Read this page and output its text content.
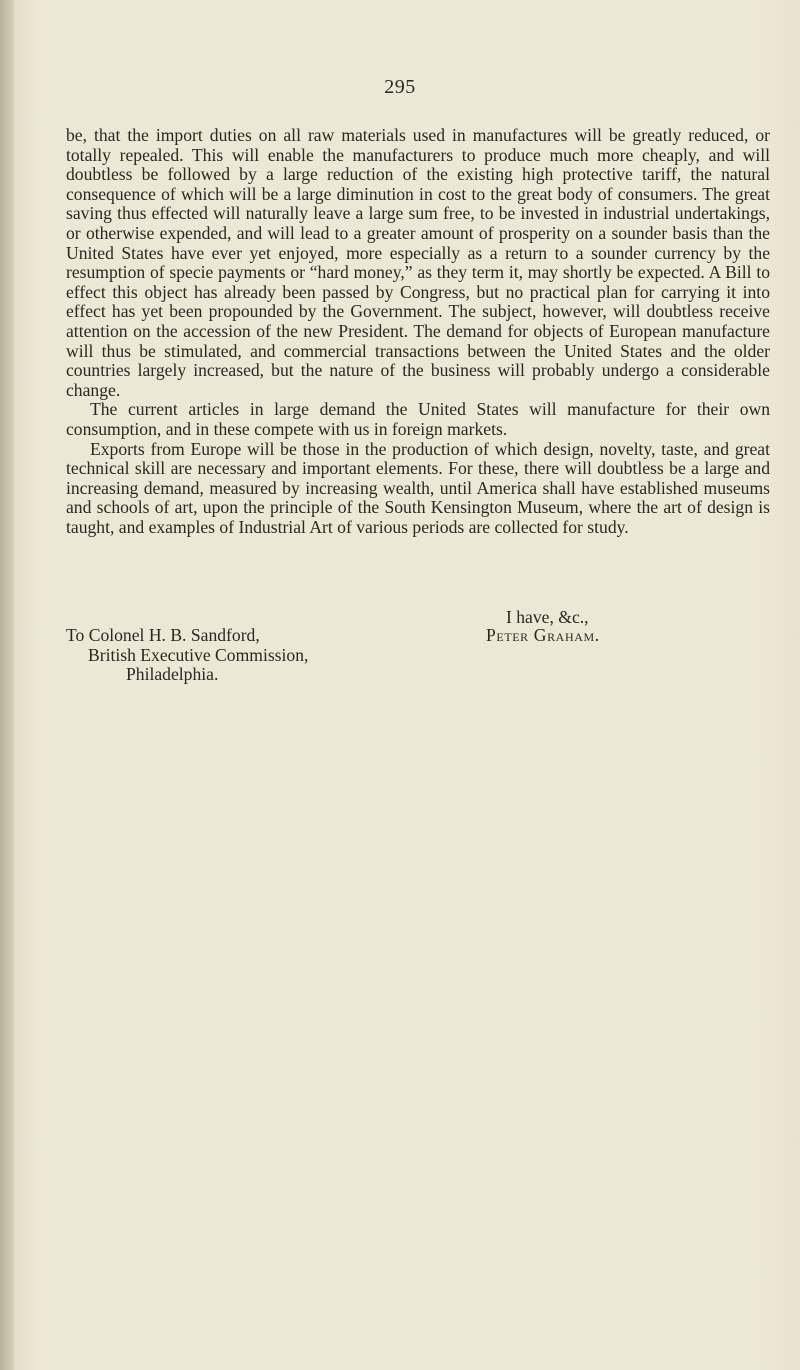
295

be, that the import duties on all raw materials used in manufactures will be greatly reduced, or totally repealed. This will enable the manufacturers to produce much more cheaply, and will doubtless be followed by a large reduction of the existing high protective tariff, the natural consequence of which will be a large diminution in cost to the great body of consumers. The great saving thus effected will naturally leave a large sum free, to be invested in industrial undertakings, or otherwise expended, and will lead to a greater amount of prosperity on a sounder basis than the United States have ever yet enjoyed, more especially as a return to a sounder currency by the resumption of specie payments or “hard money,” as they term it, may shortly be expected. A Bill to effect this object has already been passed by Congress, but no practical plan for carrying it into effect has yet been propounded by the Government. The subject, however, will doubtless receive attention on the accession of the new President. The demand for objects of European manufacture will thus be stimulated, and commercial transactions between the United States and the older countries largely increased, but the nature of the business will probably undergo a considerable change.

The current articles in large demand the United States will manufacture for their own consumption, and in these compete with us in foreign markets.

Exports from Europe will be those in the production of which design, novelty, taste, and great technical skill are necessary and important elements. For these, there will doubtless be a large and increasing demand, measured by increasing wealth, until America shall have established museums and schools of art, upon the principle of the South Kensington Museum, where the art of design is taught, and examples of Industrial Art of various periods are collected for study.

I have, &c.,
Peter Graham.
To Colonel H. B. Sandford,
British Executive Commission,
Philadelphia.
